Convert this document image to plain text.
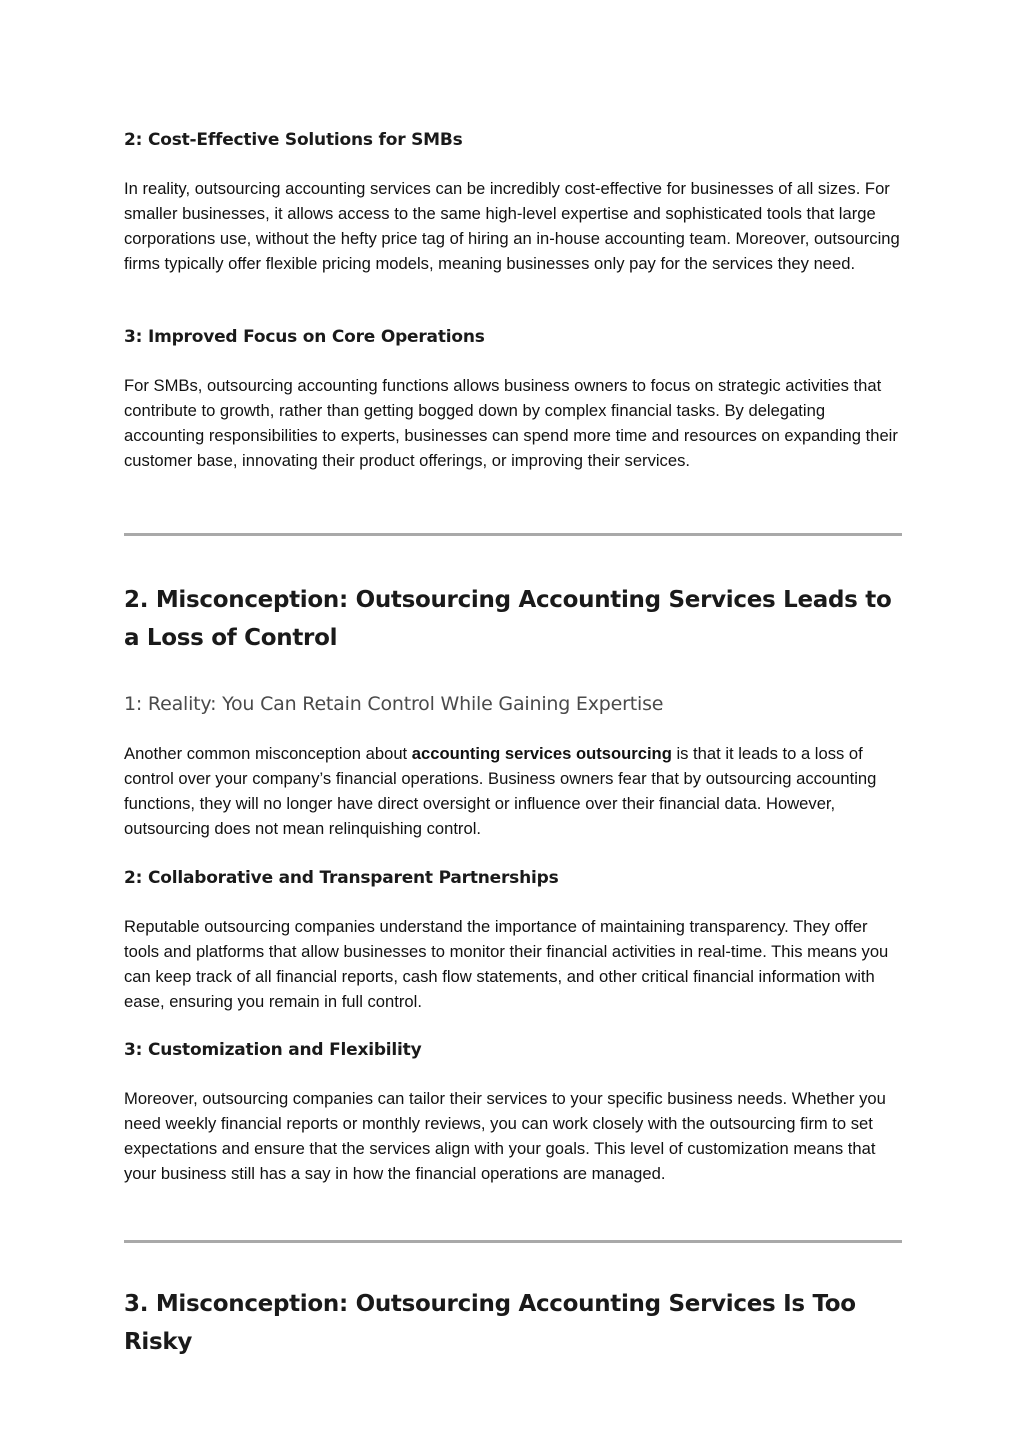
2: Cost-Effective Solutions for SMBs

In reality, outsourcing accounting services can be incredibly cost-effective for businesses of all sizes. For smaller businesses, it allows access to the same high-level expertise and sophisticated tools that large corporations use, without the hefty price tag of hiring an in-house accounting team. Moreover, outsourcing firms typically offer flexible pricing models, meaning businesses only pay for the services they need.

3: Improved Focus on Core Operations

For SMBs, outsourcing accounting functions allows business owners to focus on strategic activities that contribute to growth, rather than getting bogged down by complex financial tasks. By delegating accounting responsibilities to experts, businesses can spend more time and resources on expanding their customer base, innovating their product offerings, or improving their services.

2. Misconception: Outsourcing Accounting Services Leads to a Loss of Control
1: Reality: You Can Retain Control While Gaining Expertise

Another common misconception about accounting services outsourcing is that it leads to a loss of control over your company’s financial operations. Business owners fear that by outsourcing accounting functions, they will no longer have direct oversight or influence over their financial data. However, outsourcing does not mean relinquishing control.

2: Collaborative and Transparent Partnerships

Reputable outsourcing companies understand the importance of maintaining transparency. They offer tools and platforms that allow businesses to monitor their financial activities in real-time. This means you can keep track of all financial reports, cash flow statements, and other critical financial information with ease, ensuring you remain in full control.

3: Customization and Flexibility

Moreover, outsourcing companies can tailor their services to your specific business needs. Whether you need weekly financial reports or monthly reviews, you can work closely with the outsourcing firm to set expectations and ensure that the services align with your goals. This level of customization means that your business still has a say in how the financial operations are managed.

3. Misconception: Outsourcing Accounting Services Is Too Risky
